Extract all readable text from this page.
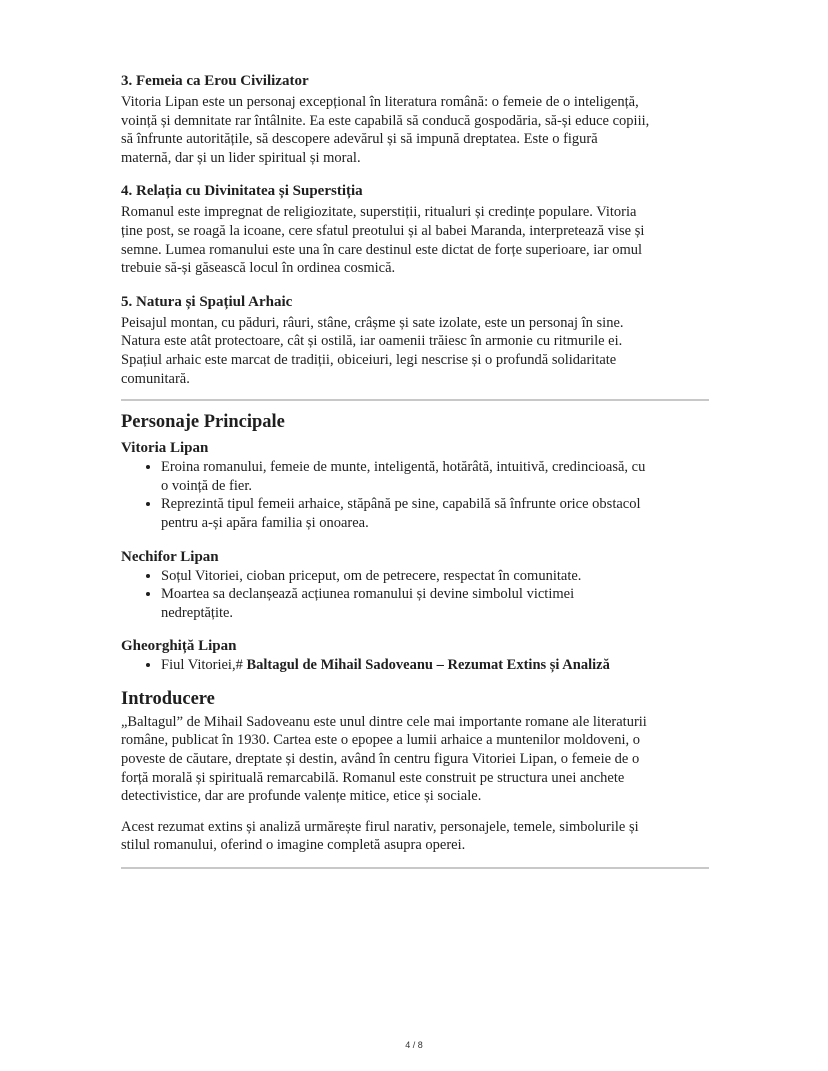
3. Femeia ca Erou Civilizator

Vitoria Lipan este un personaj excepțional în literatura română: o femeie de o inteligență,
voință și demnitate rar întâlnite. Ea este capabilă să conducă gospodăria, să-și educe copiii,
să înfrunte autoritățile, să descopere adevărul și să impună dreptatea. Este o figură
maternă, dar și un lider spiritual și moral.

4. Relația cu Divinitatea și Superstiția

Romanul este impregnat de religiozitate, superstiții, ritualuri și credințe populare. Vitoria
ține post, se roagă la icoane, cere sfatul preotului și al babei Maranda, interpretează vise și
semne. Lumea romanului este una în care destinul este dictat de forțe superioare, iar omul
trebuie să-și găsească locul în ordinea cosmică.

5. Natura și Spațiul Arhaic

Peisajul montan, cu păduri, râuri, stâne, crâșme și sate izolate, este un personaj în sine.
Natura este atât protectoare, cât și ostilă, iar oamenii trăiesc în armonie cu ritmurile ei.
Spațiul arhaic este marcat de tradiții, obiceiuri, legi nescrise și o profundă solidaritate
comunitară.

Personaje Principale
Vitoria Lipan
• Eroina romanului, femeie de munte, inteligentă, hotărâtă, intuitivă, credincioasă, cu
o voință de fier.
• Reprezintă tipul femeii arhaice, stăpână pe sine, capabilă să înfrunte orice obstacol
pentru a-și apăra familia și onoarea.
Nechifor Lipan
• Soțul Vitoriei, cioban priceput, om de petrecere, respectat în comunitate.
• Moartea sa declanșează acțiunea romanului și devine simbolul victimei
nedreptățite.
Gheorghiță Lipan
• Fiul Vitoriei,# Baltagul de Mihail Sadoveanu – Rezumat Extins și Analiză
Introducere

„Baltagul” de Mihail Sadoveanu este unul dintre cele mai importante romane ale literaturii
române, publicat în 1930. Cartea este o epopee a lumii arhaice a muntenilor moldoveni, o
poveste de căutare, dreptate și destin, având în centru figura Vitoriei Lipan, o femeie de o
forță morală și spirituală remarcabilă. Romanul este construit pe structura unei anchete
detectivistice, dar are profunde valențe mitice, etice și sociale.

Acest rezumat extins și analiză urmărește firul narativ, personajele, temele, simbolurile și
stilul romanului, oferind o imagine completă asupra operei.

4 / 8
